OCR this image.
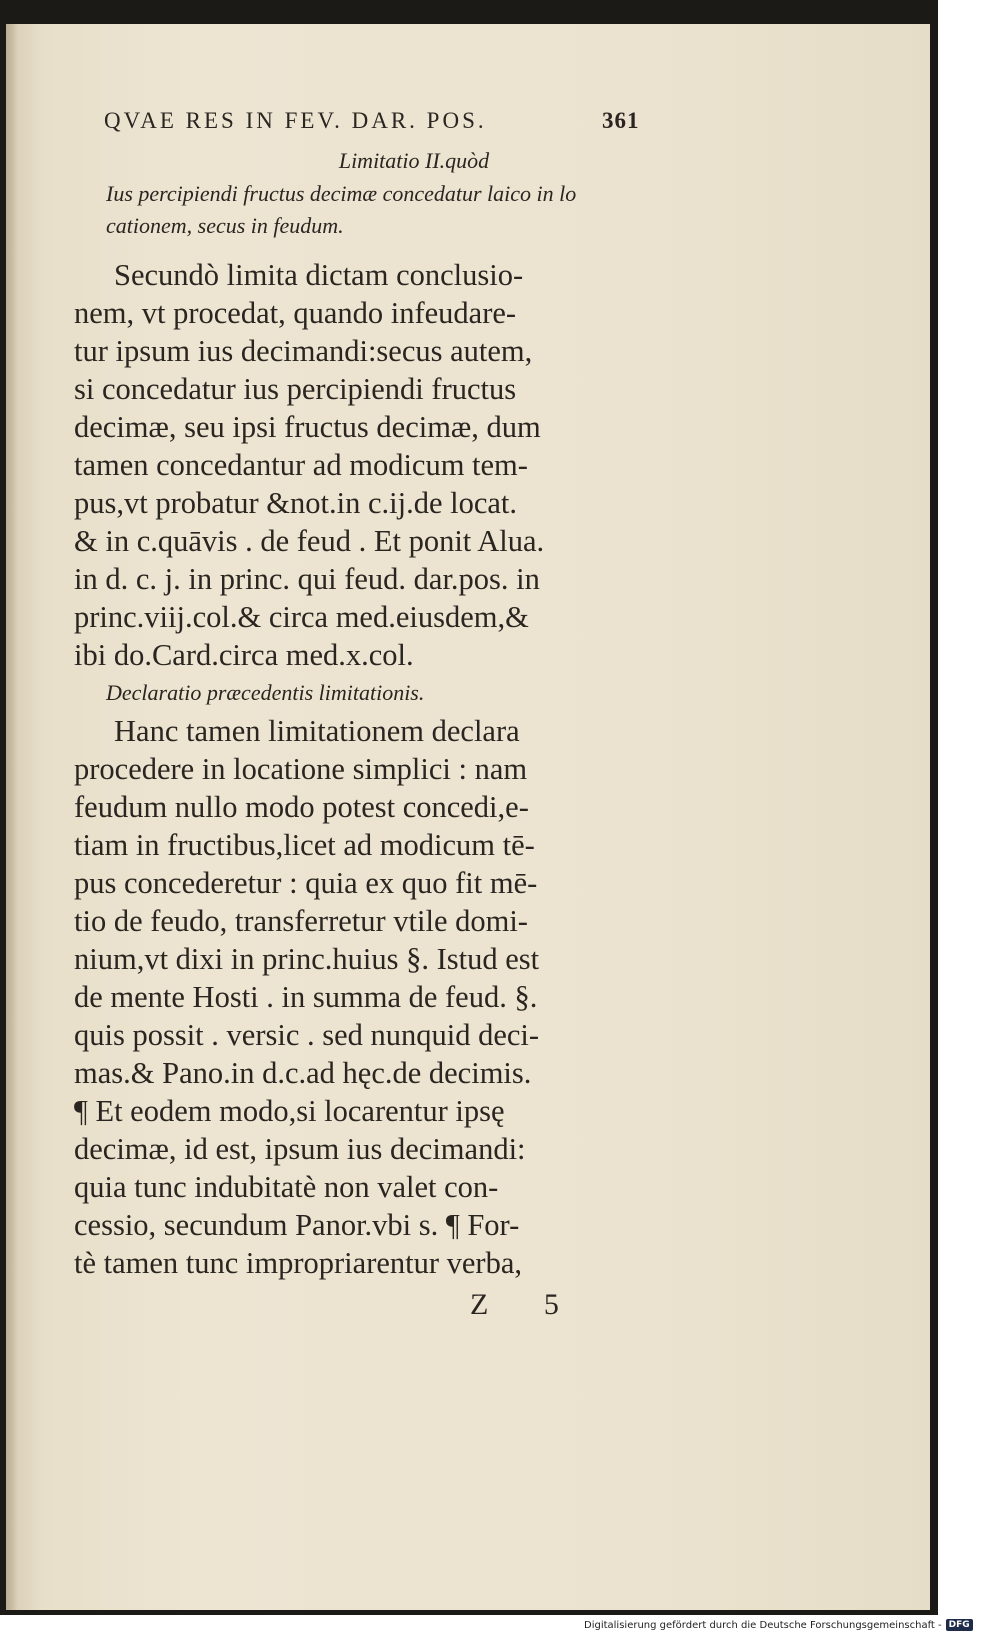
QVAE RES IN FEV. DAR. POS.	361
Limitatio II.quòd
Ius percipiendi fructus decimæ concedatur laico in lo
cationem, secus in feudum.
Secundò limita dictam conclusio-
nem, vt procedat, quando infeudare-
tur ipsum ius decimandi:secus autem,
si concedatur ius percipiendi fructus
decimæ, seu ipsi fructus decimæ, dum
tamen concedantur ad modicum tem-
pus,vt probatur &not.in c.ij.de locat.
& in c.quāvis . de feud . Et ponit Alua.
in d. c. j. in princ. qui feud. dar.pos. in
princ.viij.col.& circa med.eiusdem,&
ibi do.Card.circa med.x.col.
Declaratio præcedentis limitationis.
Hanc tamen limitationem declara
procedere in locatione simplici : nam
feudum nullo modo potest concedi,e-
tiam in fructibus,licet ad modicum tē-
pus concederetur : quia ex quo fit mē-
tio de feudo, transferretur vtile domi-
nium,vt dixi in princ.huius §. Istud est
de mente Hosti . in summa de feud. §.
quis possit . versic . sed nunquid deci-
mas.& Pano.in d.c.ad hęc.de decimis.
¶ Et eodem modo,si locarentur ipsę
decimæ, id est, ipsum ius decimandi:
quia tunc indubitatè non valet con-
cessio, secundum Panor.vbi s. ¶ For-
tè tamen tunc impropriarentur verba,
Z 5
Digitalisierung gefördert durch die Deutsche Forschungsgemeinschaft - DFG
